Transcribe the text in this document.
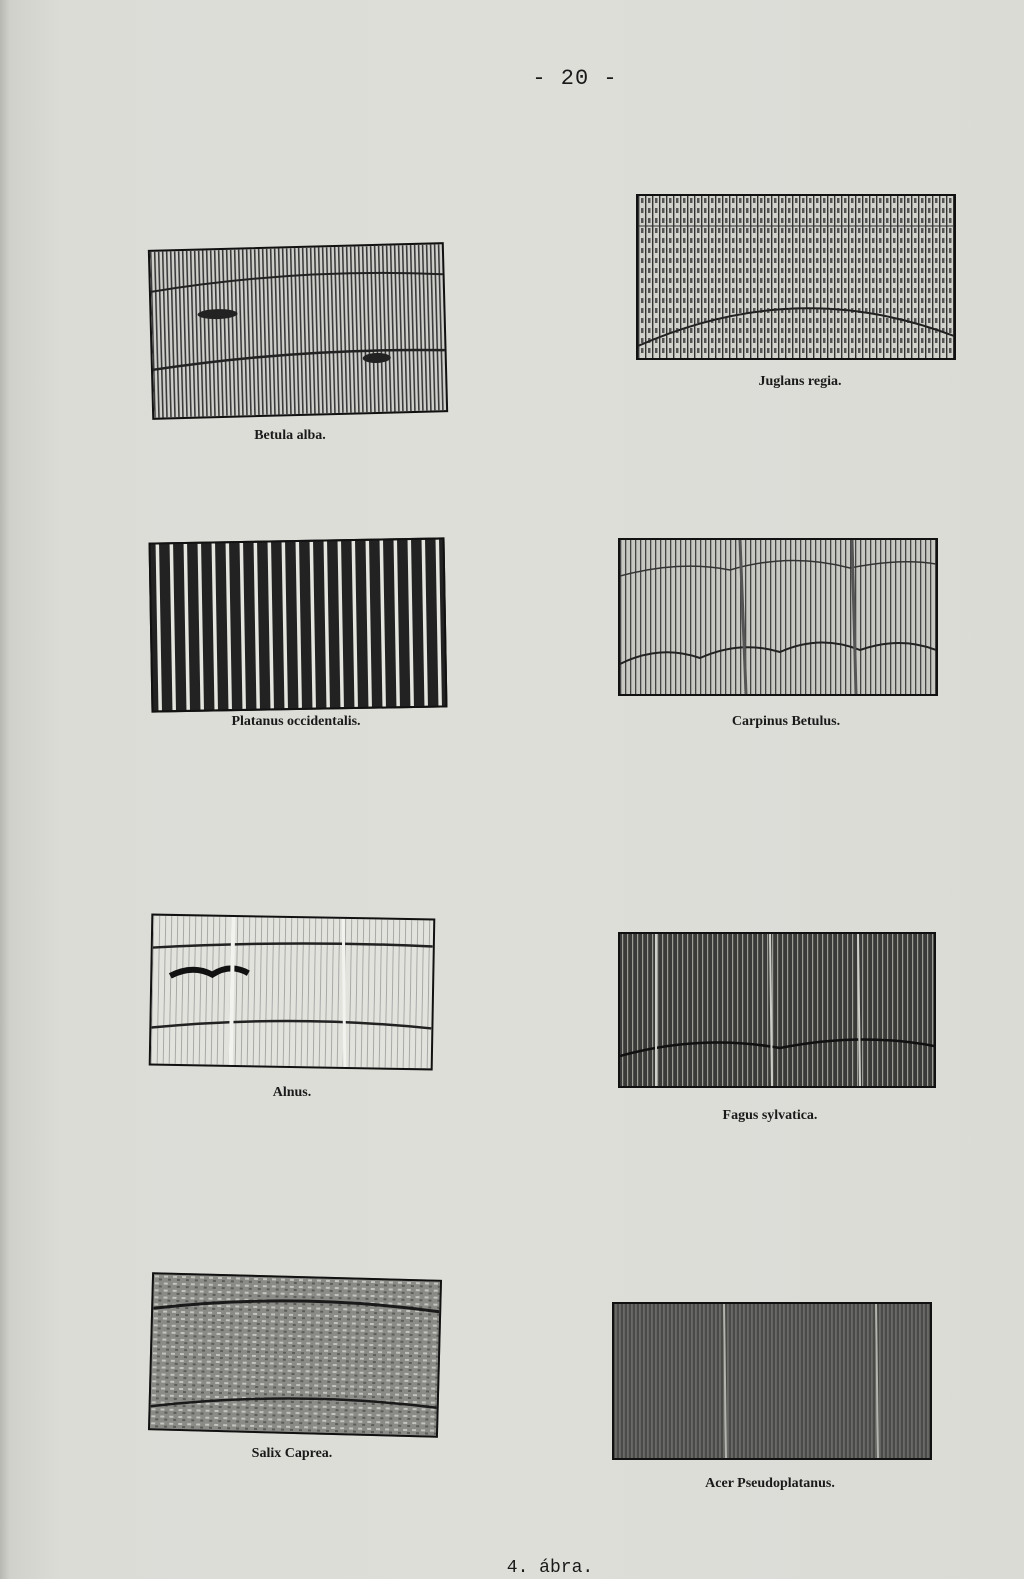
- 20 -
Betula alba.
Juglans regia.
Platanus occidentalis.	Carpinus Betulus.
Alnus.
Fagus sylvatica.
Salix Caprea.
Acer Pseudoplatanus.
4. ábra.
